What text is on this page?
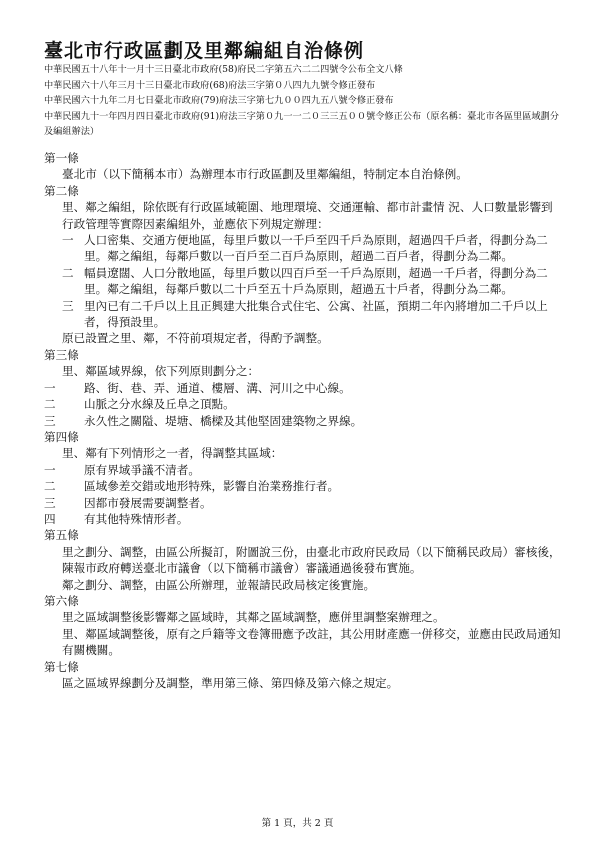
臺北市行政區劃及里鄰編組自治條例
中華民國五十八年十一月十三日臺北市政府(58)府民二字第五六二二四號令公布全文八條
中華民國六十八年三月十三日臺北市政府(68)府法三字第０八四九九號令修正發布
中華民國六十九年二月七日臺北市政府(79)府法三字第七九００四九五八號令修正發布
中華民國九十一年四月四日臺北市政府(91)府法三字第０九一一二０三三五００號令修正公布（原名稱：臺北市各區里區域劃分及編組辦法）
第一條
臺北市（以下簡稱本市）為辦理本市行政區劃及里鄰編組，特制定本自治條例。
第二條
里、鄰之編組，除依既有行政區域範圍、地理環境、交通運輸、都市計畫情 況、人口數量影響到行政管理等實際因素編組外，並應依下列規定辦理：
一 人口密集、交通方便地區，每里戶數以一千戶至四千戶為原則，超過四千戶者，得劃分為二里。鄰之編組，每鄰戶數以一百戶至二百戶為原則，超過二百戶者，得劃分為二鄰。
二 幅員遼闊、人口分散地區，每里戶數以四百戶至一千戶為原則，超過一千戶者，得劃分為二里。鄰之編組，每鄰戶數以二十戶至五十戶為原則，超過五十戶者，得劃分為二鄰。
三 里內已有二千戶以上且正興建大批集合式住宅、公寓、社區，預期二年內將增加二千戶以上者，得預設里。
原已設置之里、鄰，不符前項規定者，得酌予調整。
第三條
里、鄰區域界線，依下列原則劃分之：
一 路、街、巷、弄、通道、樓層、溝、河川之中心線。
二 山脈之分水線及丘阜之頂點。
三 永久性之關隘、堤塘、橋樑及其他堅固建築物之界線。
第四條
里、鄰有下列情形之一者，得調整其區域：
一 原有界域爭議不清者。
二 區域參差交錯或地形特殊，影響自治業務推行者。
三 因都市發展需要調整者。
四 有其他特殊情形者。
第五條
里之劃分、調整，由區公所擬訂，附圖說三份，由臺北市政府民政局（以下簡稱民政局）審核後，陳報市政府轉送臺北市議會（以下簡稱市議會）審議通過後發布實施。
鄰之劃分、調整，由區公所辦理，並報請民政局核定後實施。
第六條
里之區域調整後影響鄰之區域時，其鄰之區域調整，應併里調整案辦理之。
里、鄰區域調整後，原有之戶籍等文卷簿冊應予改註，其公用財產應一併移交，並應由民政局通知有關機關。
第七條
區之區域界線劃分及調整，準用第三條、第四條及第六條之規定。
第 1 頁，共 2 頁
